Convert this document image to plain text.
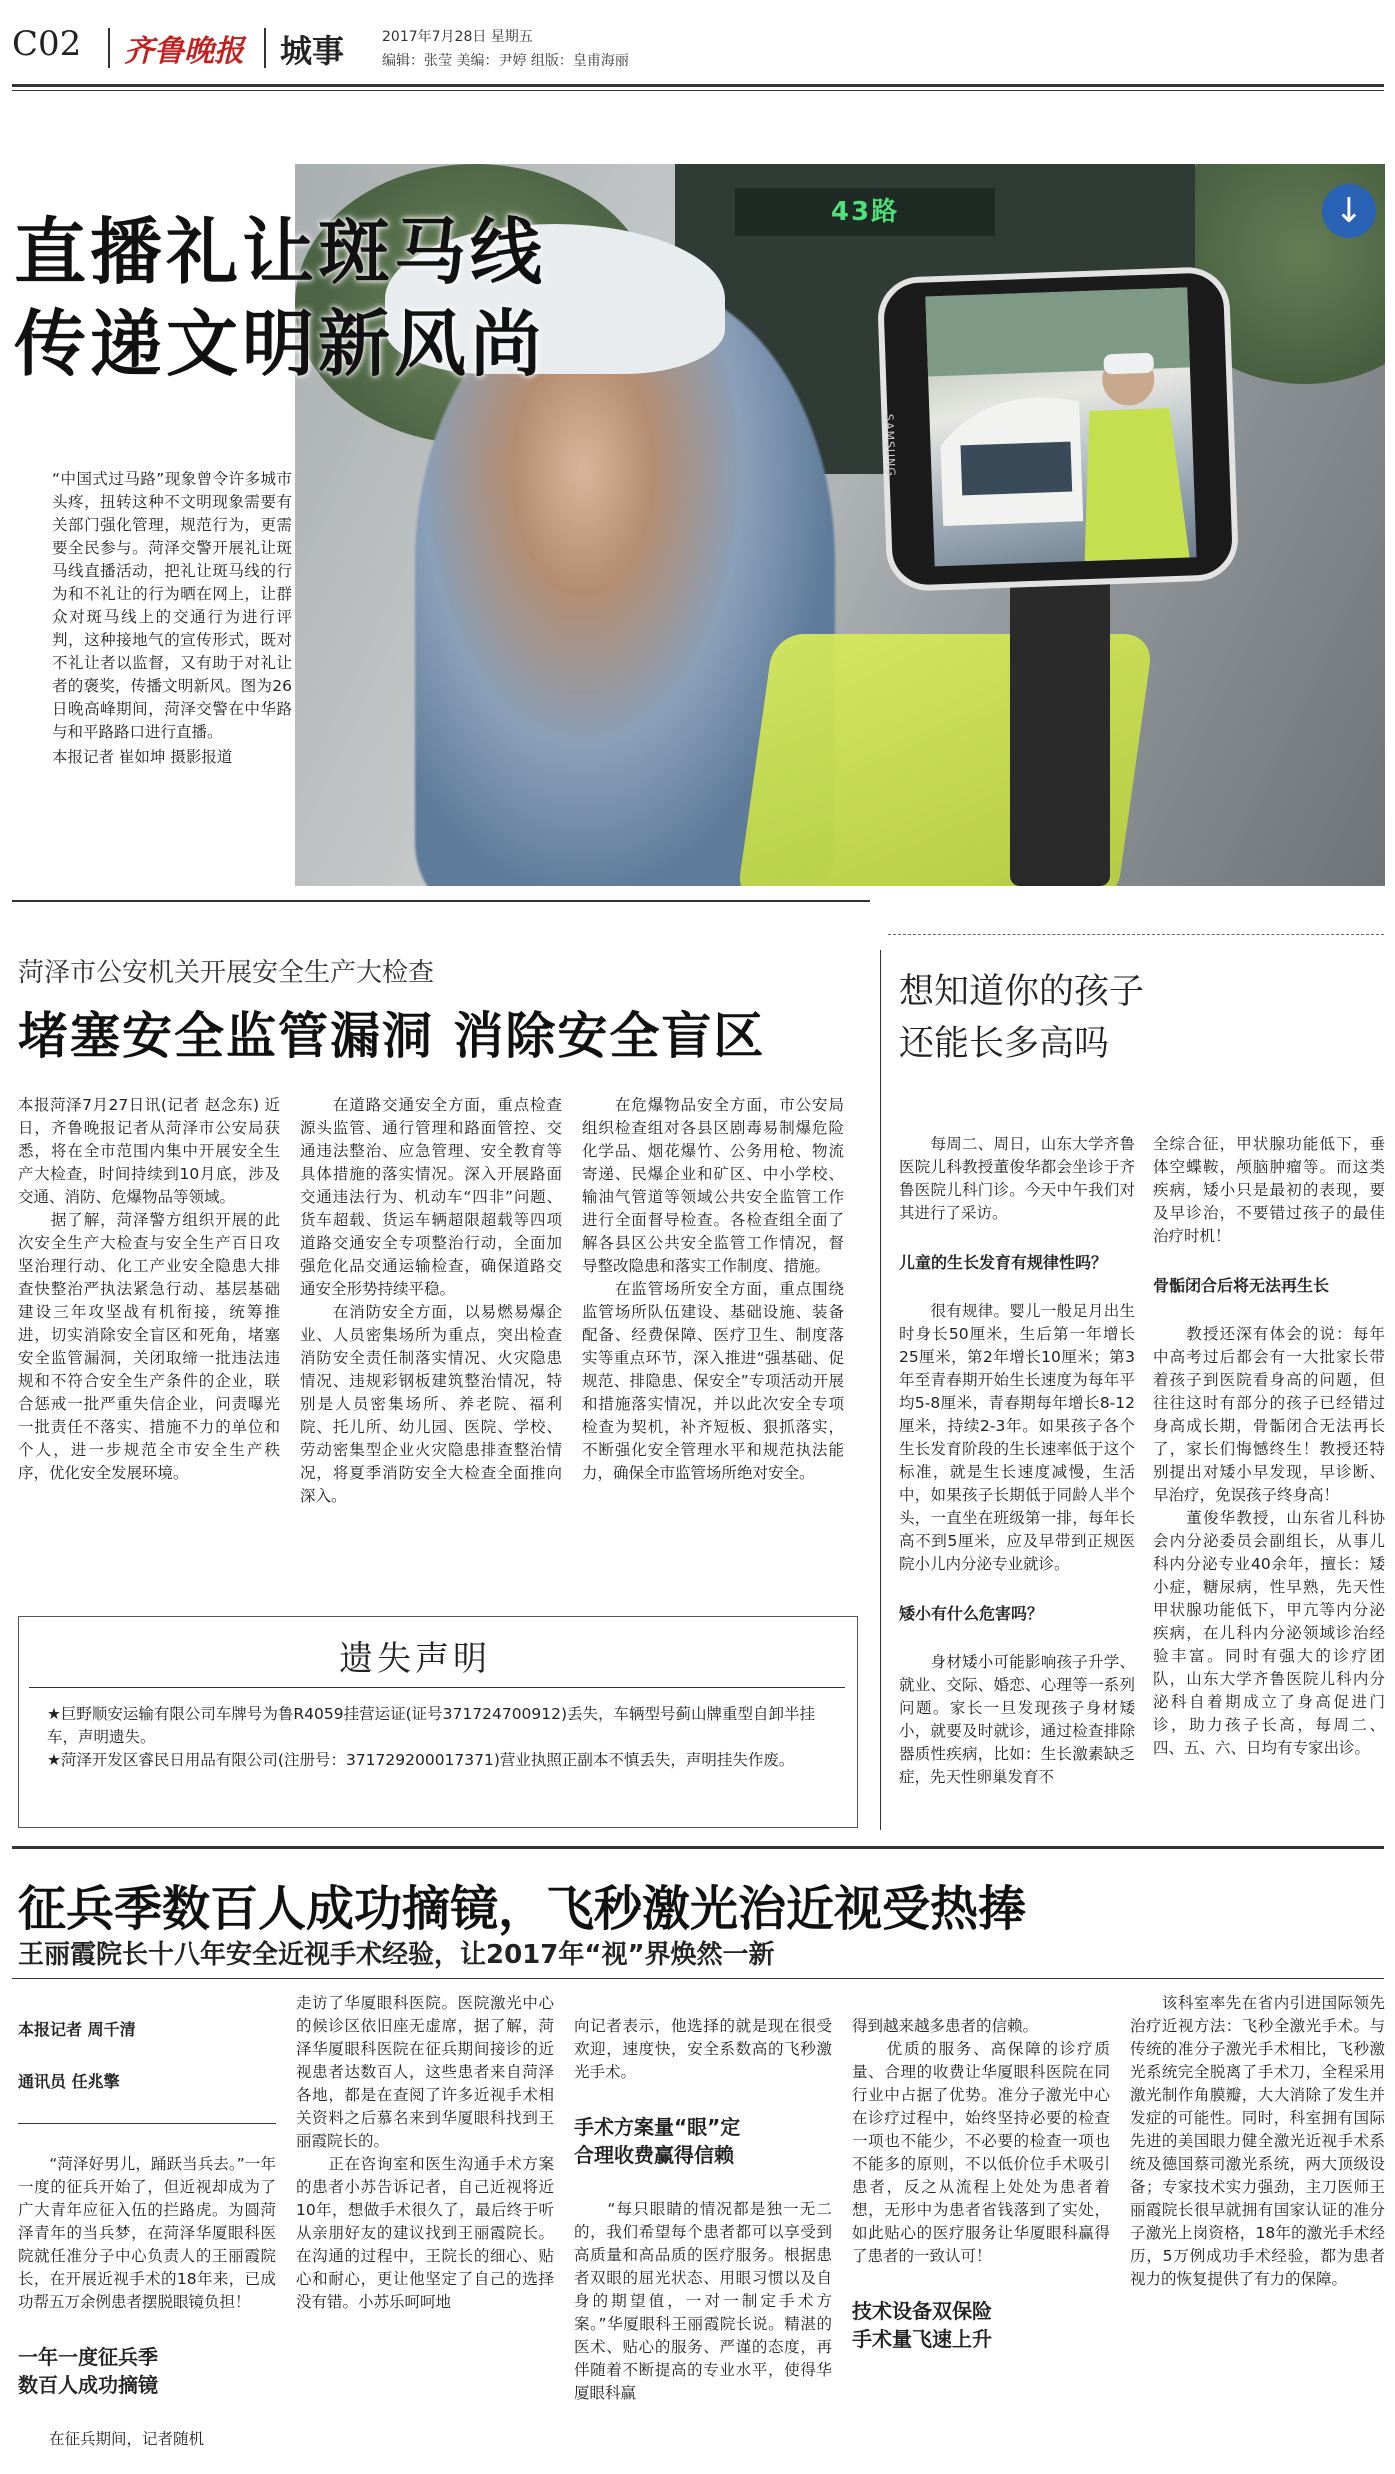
C02 齐鲁晚报 城事	2017年7月28日 星期五
编辑：张莹 美编：尹婷 组版：皇甫海丽
43路	↓
SAMSUNG
直播礼让斑马线
传递文明新风尚
“中国式过马路”现象曾令许多城市头疼，扭转这种不文明现象需要有关部门强化管理，规范行为，更需要全民参与。菏泽交警开展礼让斑马线直播活动，把礼让斑马线的行为和不礼让的行为晒在网上，让群众对斑马线上的交通行为进行评判，这种接地气的宣传形式，既对不礼让者以监督，又有助于对礼让者的褒奖，传播文明新风。图为26日晚高峰期间，菏泽交警在中华路与和平路路口进行直播。
本报记者 崔如坤 摄影报道
菏泽市公安机关开展安全生产大检查
堵塞安全监管漏洞 消除安全盲区
本报菏泽7月27日讯(记者 赵念东) 近日，齐鲁晚报记者从菏泽市公安局获悉，将在全市范围内集中开展安全生产大检查，时间持续到10月底，涉及交通、消防、危爆物品等领域。
　　据了解，菏泽警方组织开展的此次安全生产大检查与安全生产百日攻坚治理行动、化工产业安全隐患大排查快整治严执法紧急行动、基层基础建设三年攻坚战有机衔接，统筹推进，切实消除安全盲区和死角，堵塞安全监管漏洞，关闭取缔一批违法违规和不符合安全生产条件的企业，联合惩戒一批严重失信企业，问责曝光一批责任不落实、措施不力的单位和个人，进一步规范全市安全生产秩序，优化安全发展环境。
　　在道路交通安全方面，重点检查源头监管、通行管理和路面管控、交通违法整治、应急管理、安全教育等具体措施的落实情况。深入开展路面交通违法行为、机动车“四非”问题、货车超载、货运车辆超限超载等四项道路交通安全专项整治行动，全面加强危化品交通运输检查，确保道路交通安全形势持续平稳。
　　在消防安全方面，以易燃易爆企业、人员密集场所为重点，突出检查消防安全责任制落实情况、火灾隐患情况、违规彩钢板建筑整治情况，特别是人员密集场所、养老院、福利院、托儿所、幼儿园、医院、学校、劳动密集型企业火灾隐患排查整治情况，将夏季消防安全大检查全面推向深入。
　　在危爆物品安全方面，市公安局组织检查组对各县区剧毒易制爆危险化学品、烟花爆竹、公务用枪、物流寄递、民爆企业和矿区、中小学校、输油气管道等领域公共安全监管工作进行全面督导检查。各检查组全面了解各县区公共安全监管工作情况，督导整改隐患和落实工作制度、措施。
　　在监管场所安全方面，重点围绕监管场所队伍建设、基础设施、装备配备、经费保障、医疗卫生、制度落实等重点环节，深入推进“强基础、促规范、排隐患、保安全”专项活动开展和措施落实情况，并以此次安全专项检查为契机，补齐短板、狠抓落实，不断强化安全管理水平和规范执法能力，确保全市监管场所绝对安全。
遗失声明
★巨野顺安运输有限公司车牌号为鲁R4059挂营运证(证号371724700912)丢失，车辆型号蓟山牌重型自卸半挂车，声明遗失。
★菏泽开发区睿民日用品有限公司(注册号：371729200017371)营业执照正副本不慎丢失，声明挂失作废。
想知道你的孩子
还能长多高吗

　　每周二、周日，山东大学齐鲁医院儿科教授董俊华都会坐诊于齐鲁医院儿科门诊。今天中午我们对其进行了采访。

儿童的生长发育有规律性吗？

　　很有规律。婴儿一般足月出生时身长50厘米，生后第一年增长25厘米，第2年增长10厘米；第3年至青春期开始生长速度为每年平均5-8厘米，青春期每年增长8-12厘米，持续2-3年。如果孩子各个生长发育阶段的生长速率低于这个标准，就是生长速度减慢，生活中，如果孩子长期低于同龄人半个头，一直坐在班级第一排，每年长高不到5厘米，应及早带到正规医院小儿内分泌专业就诊。

矮小有什么危害吗？

　　身材矮小可能影响孩子升学、就业、交际、婚恋、心理等一系列问题。家长一旦发现孩子身材矮小，就要及时就诊，通过检查排除器质性疾病，比如：生长激素缺乏症，先天性卵巢发育不

全综合征，甲状腺功能低下，垂体空蝶鞍，颅脑肿瘤等。而这类疾病，矮小只是最初的表现，要及早诊治，不要错过孩子的最佳治疗时机！

骨骺闭合后将无法再生长

　　教授还深有体会的说：每年中高考过后都会有一大批家长带着孩子到医院看身高的问题，但往往这时有部分的孩子已经错过身高成长期，骨骺闭合无法再长了，家长们悔憾终生！教授还特别提出对矮小早发现，早诊断、早治疗，免误孩子终身高！
　　董俊华教授，山东省儿科协会内分泌委员会副组长，从事儿科内分泌专业40余年，擅长：矮小症，糖尿病，性早熟，先天性甲状腺功能低下，甲亢等内分泌疾病，在儿科内分泌领域诊治经验丰富。同时有强大的诊疗团队，山东大学齐鲁医院儿科内分泌科自着期成立了身高促进门诊，助力孩子长高，每周二、四、五、六、日均有专家出诊。

征兵季数百人成功摘镜，飞秒激光治近视受热捧
王丽霞院长十八年安全近视手术经验，让2017年“视”界焕然一新

本报记者 周千清

通讯员 任兆擎

　　“菏泽好男儿，踊跃当兵去。”一年一度的征兵开始了，但近视却成为了广大青年应征入伍的拦路虎。为圆菏泽青年的当兵梦，在菏泽华厦眼科医院就任准分子中心负责人的王丽霞院长，在开展近视手术的18年来，已成功帮五万余例患者摆脱眼镜负担！

一年一度征兵季
数百人成功摘镜

　　在征兵期间，记者随机

走访了华厦眼科医院。医院激光中心的候诊区依旧座无虚席，据了解，菏泽华厦眼科医院在征兵期间接诊的近视患者达数百人，这些患者来自菏泽各地，都是在查阅了许多近视手术相关资料之后慕名来到华厦眼科找到王丽霞院长的。
　　正在咨询室和医生沟通手术方案的患者小苏告诉记者，自己近视将近10年，想做手术很久了，最后终于听从亲朋好友的建议找到王丽霞院长。在沟通的过程中，王院长的细心、贴心和耐心，更让他坚定了自己的选择没有错。小苏乐呵呵地

向记者表示，他选择的就是现在很受欢迎，速度快，安全系数高的飞秒激光手术。

手术方案量“眼”定
合理收费赢得信赖

　　“每只眼睛的情况都是独一无二的，我们希望每个患者都可以享受到高质量和高品质的医疗服务。根据患者双眼的屈光状态、用眼习惯以及自身的期望值，一对一制定手术方案。”华厦眼科王丽霞院长说。精湛的医术、贴心的服务、严谨的态度，再伴随着不断提高的专业水平，使得华厦眼科赢

得到越来越多患者的信赖。
　　优质的服务、高保障的诊疗质量、合理的收费让华厦眼科医院在同行业中占据了优势。准分子激光中心在诊疗过程中，始终坚持必要的检查一项也不能少，不必要的检查一项也不能多的原则，不以低价位手术吸引患者，反之从流程上处处为患者着想，无形中为患者省钱落到了实处，如此贴心的医疗服务让华厦眼科赢得了患者的一致认可！

技术设备双保险
手术量飞速上升

　　该科室率先在省内引进国际领先治疗近视方法：飞秒全激光手术。与传统的准分子激光手术相比，飞秒激光系统完全脱离了手术刀，全程采用激光制作角膜瓣，大大消除了发生并发症的可能性。同时，科室拥有国际先进的美国眼力健全激光近视手术系统及德国蔡司激光系统，两大顶级设备；专家技术实力强劲，主刀医师王丽霞院长很早就拥有国家认证的准分子激光上岗资格，18年的激光手术经历，5万例成功手术经验，都为患者视力的恢复提供了有力的保障。
